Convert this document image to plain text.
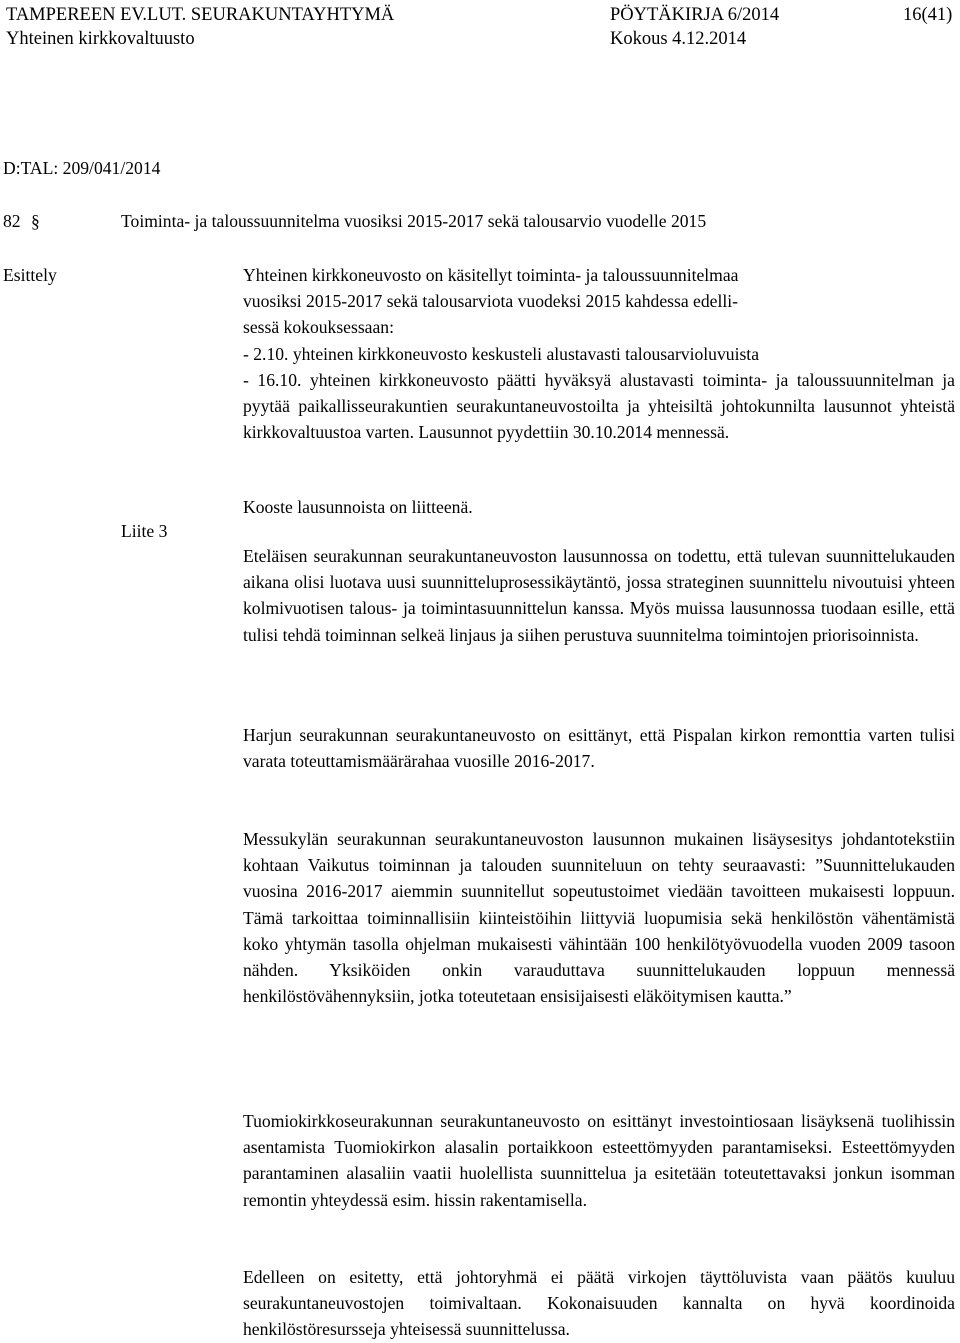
TAMPEREEN EV.LUT. SEURAKUNTAYHTYMÄ	PÖYTÄKIRJA 6/2014	16(41)
Yhteinen kirkkovaltuusto	Kokous 4.12.2014
D:TAL: 209/041/2014
82 §	Toiminta- ja taloussuunnitelma vuosiksi 2015-2017 sekä talousarvio vuodelle 2015
Esittely
Liite 3

Yhteinen kirkkoneuvosto on käsitellyt toiminta- ja taloussuunnitelmaa

vuosiksi 2015-2017 sekä talousarviota vuodeksi 2015 kahdessa edelli-

sessä kokouksessaan:

- 2.10. yhteinen kirkkoneuvosto keskusteli alustavasti talousarvioluvuista

- 16.10. yhteinen kirkkoneuvosto päätti hyväksyä alustavasti toiminta- ja taloussuunnitelman ja pyytää paikallisseurakuntien seurakuntaneuvostoilta ja yhteisiltä johtokunnilta lausunnot yhteistä kirkkovaltuustoa varten. Lausunnot pyydettiin 30.10.2014 mennessä.

Kooste lausunnoista on liitteenä.
Eteläisen seurakunnan seurakuntaneuvoston lausunnossa on todettu, että tulevan suunnittelukauden aikana olisi luotava uusi suunnitteluprosessikäytäntö, jossa strateginen suunnittelu nivoutuisi yhteen kolmivuotisen talous- ja toimintasuunnittelun kanssa. Myös muissa lausunnossa tuodaan esille, että tulisi tehdä toiminnan selkeä linjaus ja siihen perustuva suunnitelma toimintojen priorisoinnista.
Harjun seurakunnan seurakuntaneuvosto on esittänyt, että Pispalan kirkon remonttia varten tulisi varata toteuttamismäärärahaa vuosille 2016-2017.
Messukylän seurakunnan seurakuntaneuvoston lausunnon mukainen lisäysesitys johdantotekstiin kohtaan Vaikutus toiminnan ja talouden suunniteluun on tehty seuraavasti: ”Suunnittelukauden vuosina 2016-2017 aiemmin suunnitellut sopeutustoimet viedään tavoitteen mukaisesti loppuun. Tämä tarkoittaa toiminnallisiin kiinteistöihin liittyviä luopumisia sekä henkilöstön vähentämistä koko yhtymän tasolla ohjelman mukaisesti vähintään 100 henkilötyövuodella vuoden 2009 tasoon nähden. Yksiköiden onkin varauduttava suunnittelukauden loppuun mennessä henkilöstövähennyksiin, jotka toteutetaan ensisijaisesti eläköitymisen kautta.”
Tuomiokirkkoseurakunnan seurakuntaneuvosto on esittänyt investointiosaan lisäyksenä tuolihissin asentamista Tuomiokirkon alasalin portaikkoon esteettömyyden parantamiseksi. Esteettömyyden parantaminen alasaliin vaatii huolellista suunnittelua ja esitetään toteutettavaksi jonkun isomman remontin yhteydessä esim. hissin rakentamisella.
Edelleen on esitetty, että johtoryhmä ei päätä virkojen täyttöluvista vaan päätös kuuluu seurakuntaneuvostojen toimivaltaan. Kokonaisuuden kannalta on hyvä koordinoida henkilöstöresursseja yhteisessä suunnittelussa.
